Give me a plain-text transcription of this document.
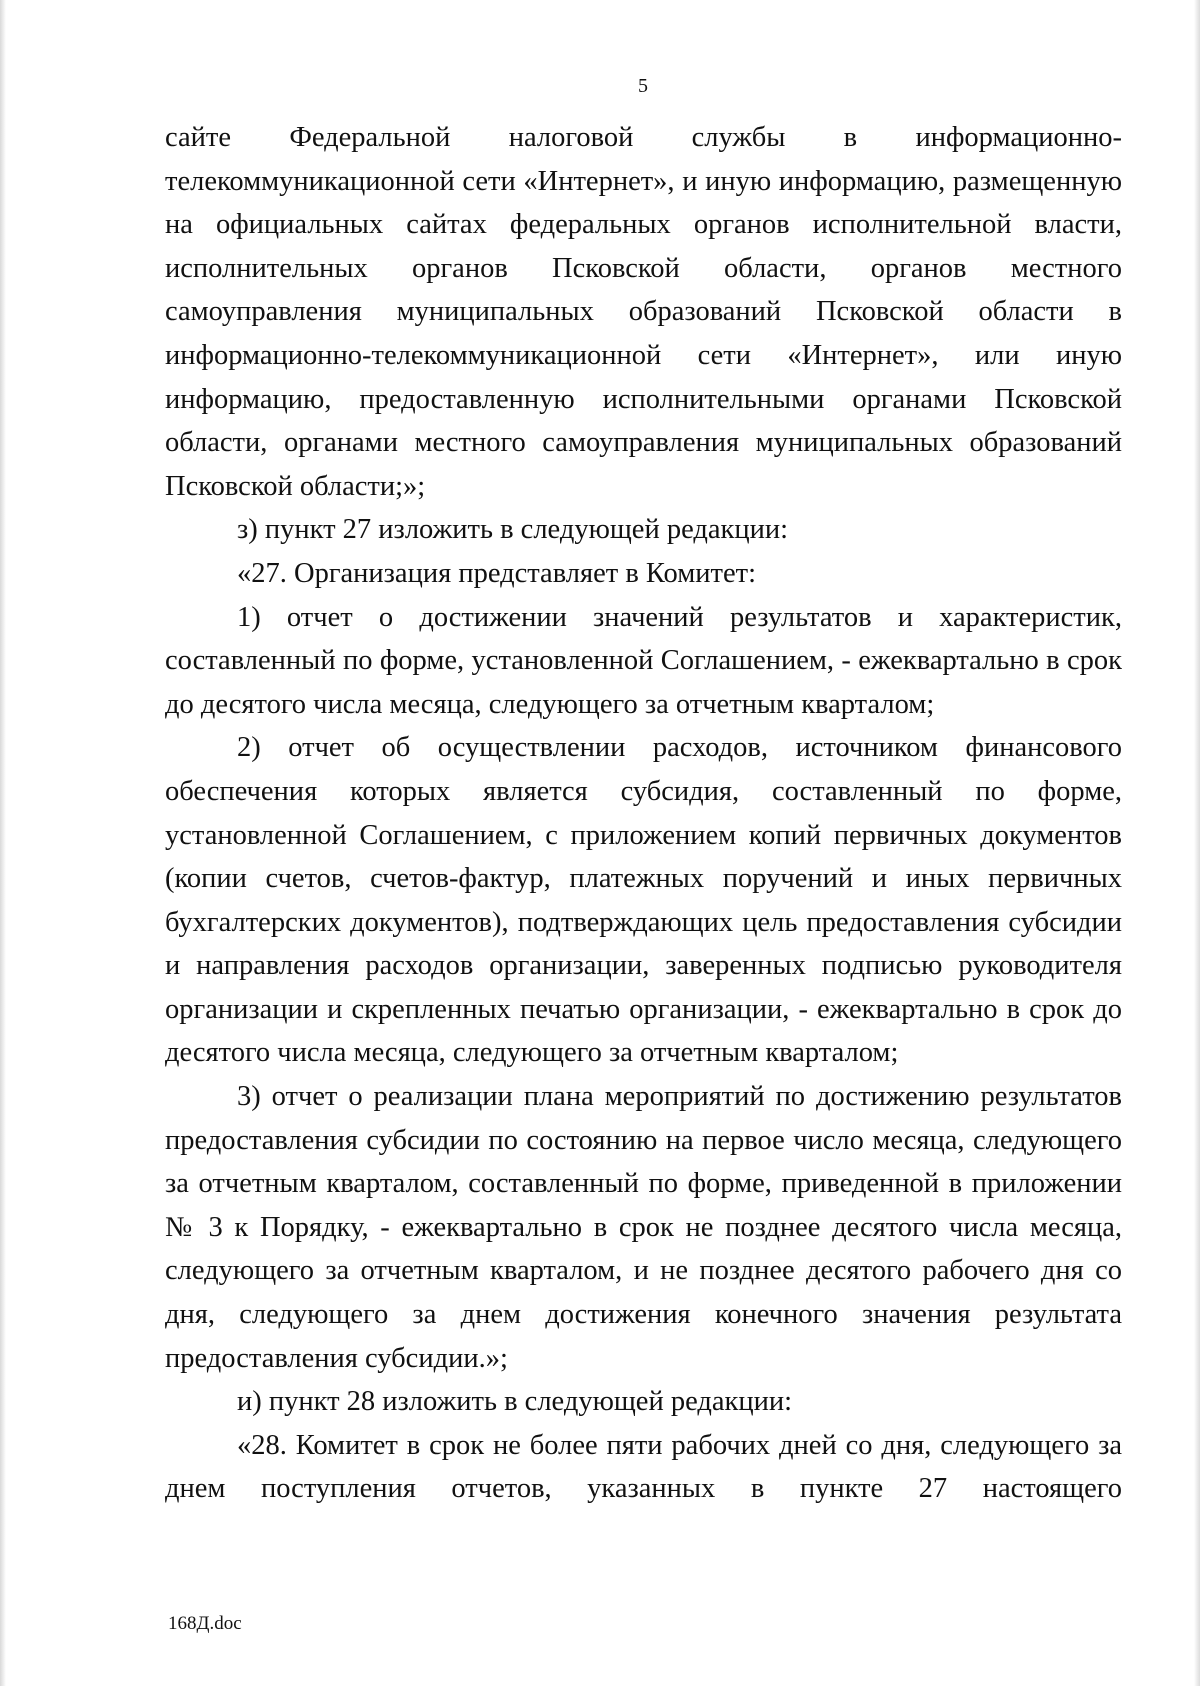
5

сайте Федеральной налоговой службы в информационно-телекоммуникационной сети «Интернет», и иную информацию, размещенную на официальных сайтах федеральных органов исполнительной власти, исполнительных органов Псковской области, органов местного самоуправления муниципальных образований Псковской области в информационно-телекоммуникационной сети «Интернет», или иную информацию, предоставленную исполнительными органами Псковской области, органами местного самоуправления муниципальных образований Псковской области;»;

з) пункт 27 изложить в следующей редакции:

«27. Организация представляет в Комитет:

1) отчет о достижении значений результатов и характеристик, составленный по форме, установленной Соглашением, - ежеквартально в срок до десятого числа месяца, следующего за отчетным кварталом;

2) отчет об осуществлении расходов, источником финансового обеспечения которых является субсидия, составленный по форме, установленной Соглашением, с приложением копий первичных документов (копии счетов, счетов-фактур, платежных поручений и иных первичных бухгалтерских документов), подтверждающих цель предоставления субсидии и направления расходов организации, заверенных подписью руководителя организации и скрепленных печатью организации, - ежеквартально в срок до десятого числа месяца, следующего за отчетным кварталом;

3) отчет о реализации плана мероприятий по достижению результатов предоставления субсидии по состоянию на первое число месяца, следующего за отчетным кварталом, составленный по форме, приведенной в приложении № 3 к Порядку, - ежеквартально в срок не позднее десятого числа месяца, следующего за отчетным кварталом, и не позднее десятого рабочего дня со дня, следующего за днем достижения конечного значения результата предоставления субсидии.»;

и) пункт 28 изложить в следующей редакции:

«28. Комитет в срок не более пяти рабочих дней со дня, следующего за днем поступления отчетов, указанных в пункте 27 настоящего

168Д.doc
